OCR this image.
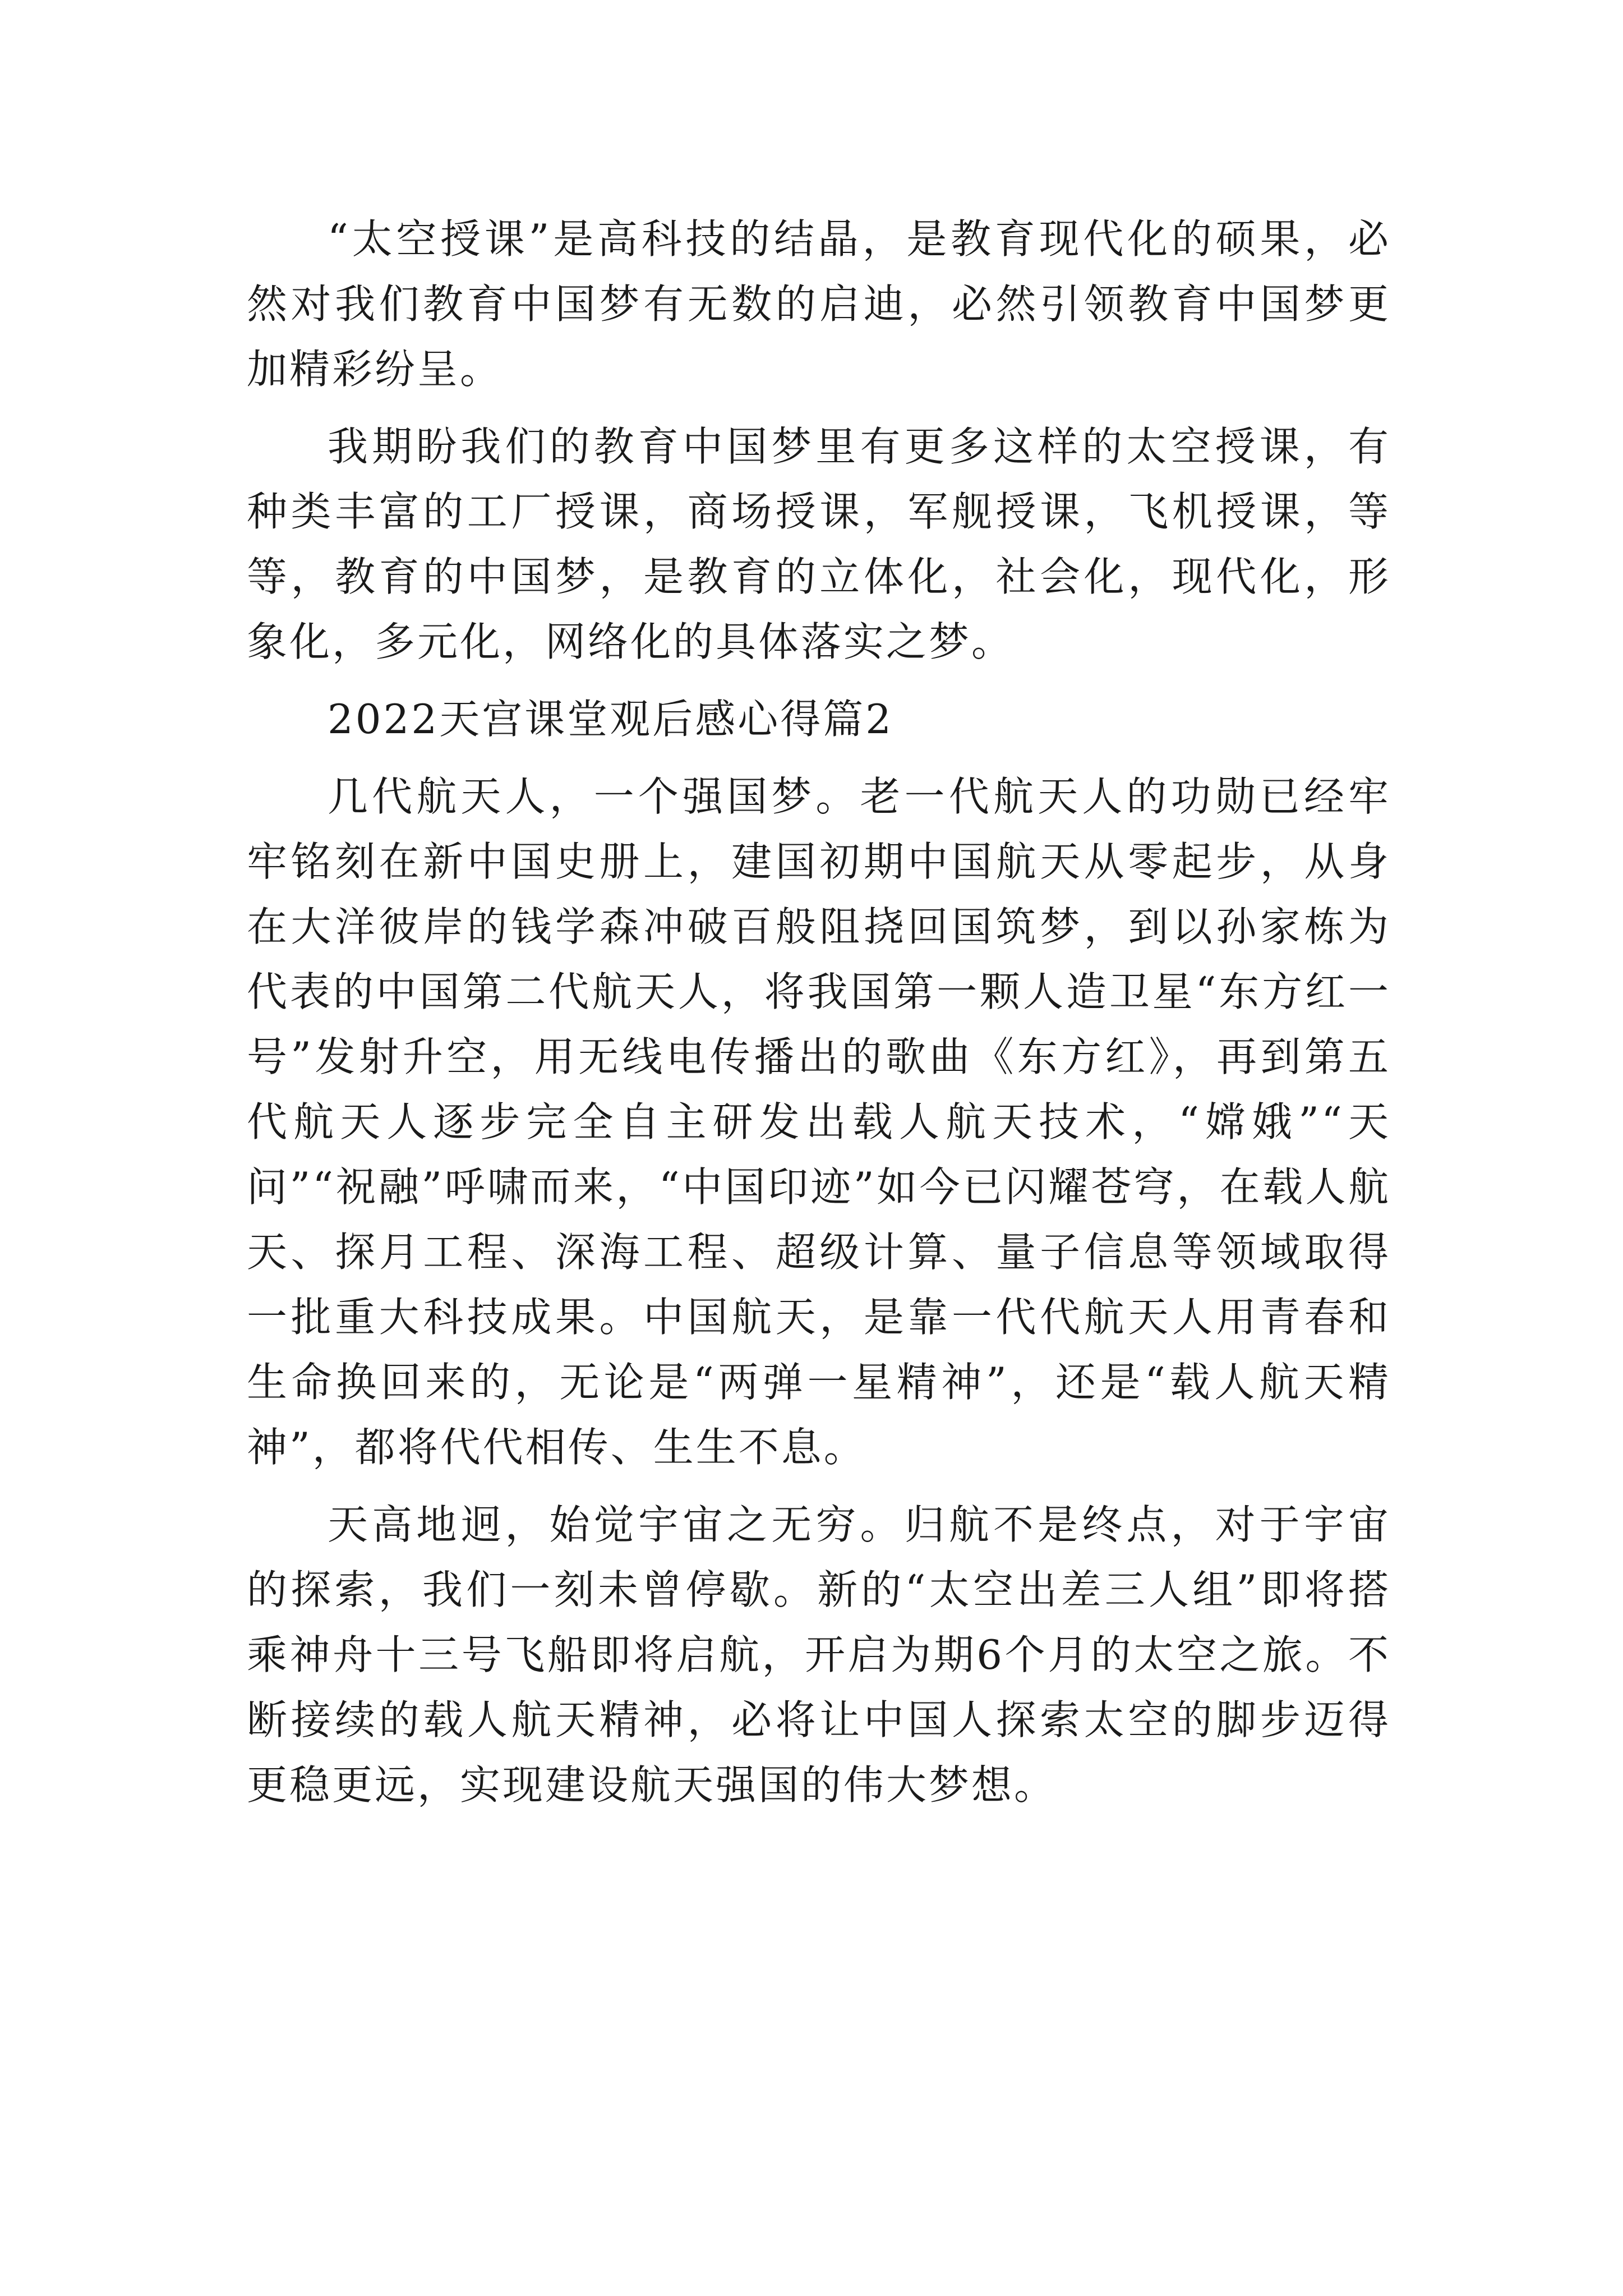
“太空授课”是高科技的结晶，是教育现代化的硕果，必然对我们教育中国梦有无数的启迪，必然引领教育中国梦更加精彩纷呈。

我期盼我们的教育中国梦里有更多这样的太空授课，有种类丰富的工厂授课，商场授课，军舰授课，飞机授课，等等，教育的中国梦，是教育的立体化，社会化，现代化，形象化，多元化，网络化的具体落实之梦。

2022天宫课堂观后感心得篇2

几代航天人，一个强国梦。老一代航天人的功勋已经牢牢铭刻在新中国史册上，建国初期中国航天从零起步，从身在大洋彼岸的钱学森冲破百般阻挠回国筑梦，到以孙家栋为代表的中国第二代航天人，将我国第一颗人造卫星“东方红一号”发射升空，用无线电传播出的歌曲《东方红》，再到第五代航天人逐步完全自主研发出载人航天技术，“嫦娥”“天问”“祝融”呼啸而来，“中国印迹”如今已闪耀苍穹，在载人航天、探月工程、深海工程、超级计算、量子信息等领域取得一批重大科技成果。中国航天，是靠一代代航天人用青春和生命换回来的，无论是“两弹一星精神”，还是“载人航天精神”，都将代代相传、生生不息。

天高地迥，始觉宇宙之无穷。归航不是终点，对于宇宙的探索，我们一刻未曾停歇。新的“太空出差三人组”即将搭乘神舟十三号飞船即将启航，开启为期6个月的太空之旅。不断接续的载人航天精神，必将让中国人探索太空的脚步迈得更稳更远，实现建设航天强国的伟大梦想。
